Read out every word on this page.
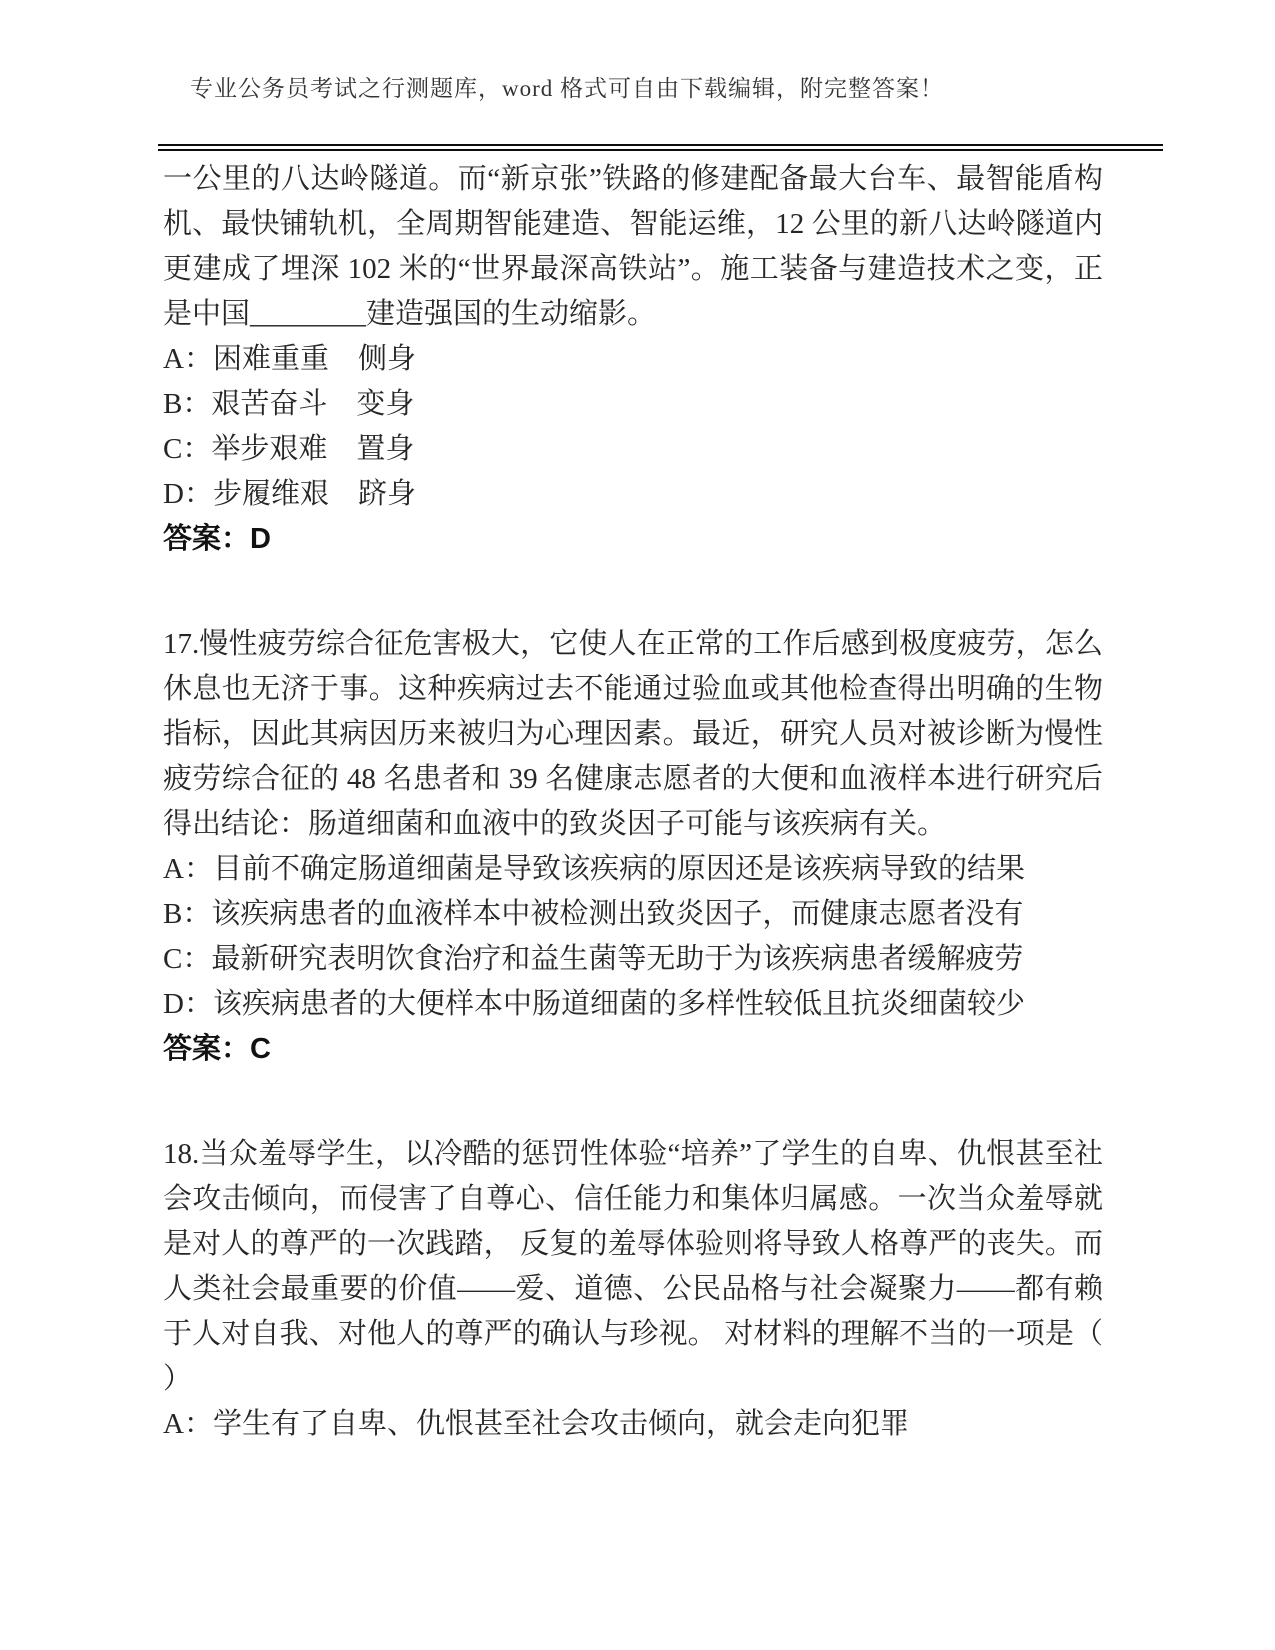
专业公务员考试之行测题库，word 格式可自由下载编辑，附完整答案！

一公里的八达岭隧道。而“新京张”铁路的修建配备最大台车、最智能盾构机、最快铺轨机，全周期智能建造、智能运维，12 公里的新八达岭隧道内更建成了埋深 102 米的“世界最深高铁站”。施工装备与建造技术之变，正是中国________建造强国的生动缩影。

A：困难重重　侧身

B：艰苦奋斗　变身

C：举步艰难　置身

D：步履维艰　跻身

答案：D

17.慢性疲劳综合征危害极大，它使人在正常的工作后感到极度疲劳，怎么休息也无济于事。这种疾病过去不能通过验血或其他检查得出明确的生物指标，因此其病因历来被归为心理因素。最近，研究人员对被诊断为慢性疲劳综合征的 48 名患者和 39 名健康志愿者的大便和血液样本进行研究后得出结论：肠道细菌和血液中的致炎因子可能与该疾病有关。

A：目前不确定肠道细菌是导致该疾病的原因还是该疾病导致的结果

B：该疾病患者的血液样本中被检测出致炎因子，而健康志愿者没有

C：最新研究表明饮食治疗和益生菌等无助于为该疾病患者缓解疲劳

D：该疾病患者的大便样本中肠道细菌的多样性较低且抗炎细菌较少

答案：C

18.当众羞辱学生，以冷酷的惩罚性体验“培养”了学生的自卑、仇恨甚至社会攻击倾向，而侵害了自尊心、信任能力和集体归属感。一次当众羞辱就是对人的尊严的一次践踏， 反复的羞辱体验则将导致人格尊严的丧失。而人类社会最重要的价值——爱、道德、公民品格与社会凝聚力——都有赖于人对自我、对他人的尊严的确认与珍视。 对材料的理解不当的一项是（ ）

A：学生有了自卑、仇恨甚至社会攻击倾向，就会走向犯罪
